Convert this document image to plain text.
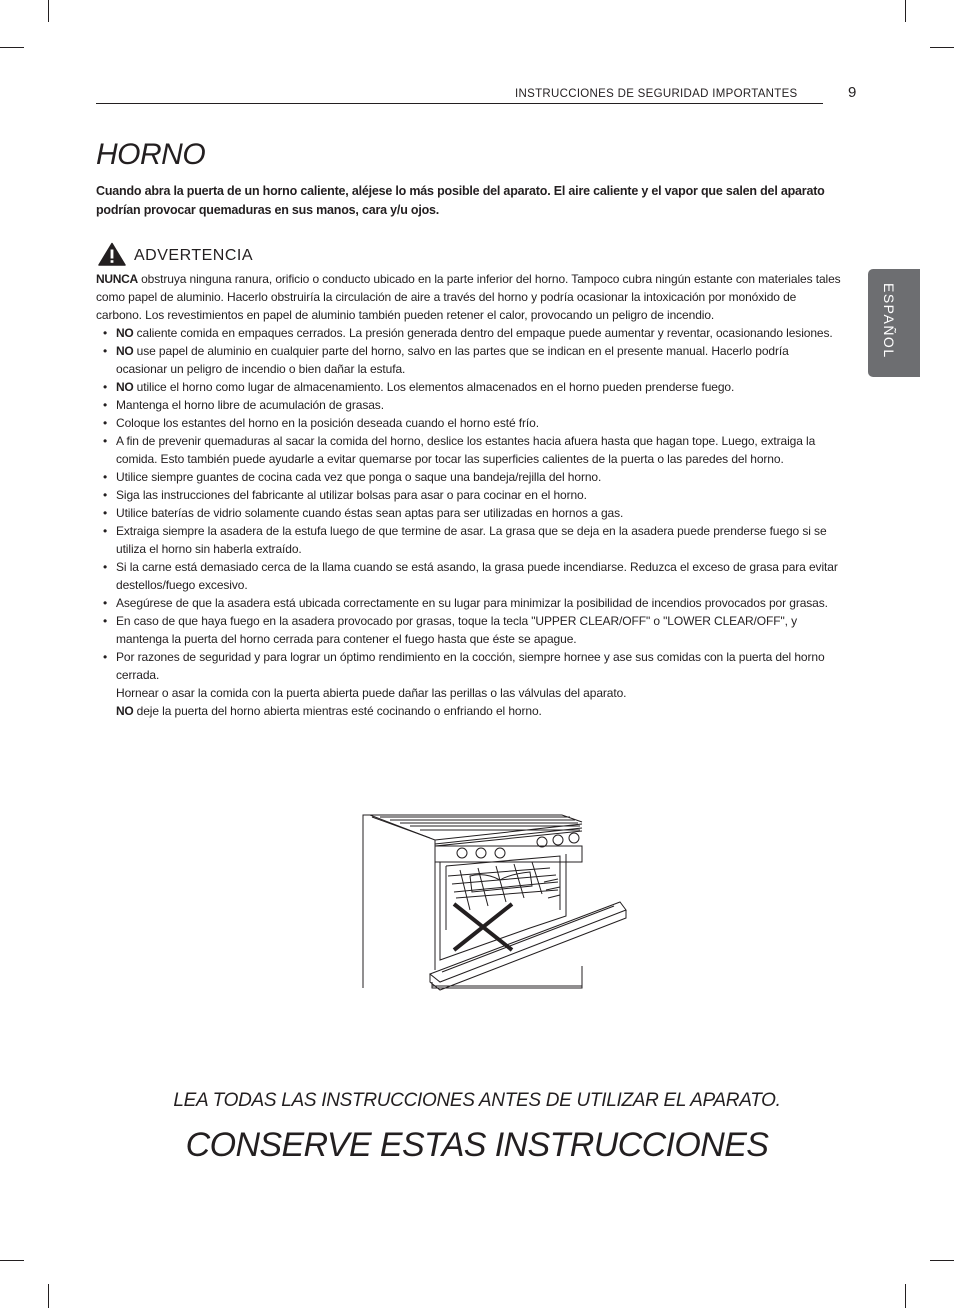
INSTRUCCIONES DE SEGURIDAD IMPORTANTES	9
ESPAÑOL
HORNO
Cuando abra la puerta de un horno caliente, aléjese lo más posible del aparato. El aire caliente y el vapor que salen del aparato podrían provocar quemaduras en sus manos, cara y/u ojos.
ADVERTENCIA

NUNCA obstruya ninguna ranura, orificio o conducto ubicado en la parte inferior del horno. Tampoco cubra ningún estante con materiales tales como papel de aluminio. Hacerlo obstruiría la circulación de aire a través del horno y podría ocasionar la intoxicación por monóxido de carbono. Los revestimientos en papel de aluminio también pueden retener el calor, provocando un peligro de incendio.

• NO caliente comida en empaques cerrados. La presión generada dentro del empaque puede aumentar y reventar, ocasionando lesiones.
• NO use papel de aluminio en cualquier parte del horno, salvo en las partes que se indican en el presente manual. Hacerlo podría ocasionar un peligro de incendio o bien dañar la estufa.
• NO utilice el horno como lugar de almacenamiento. Los elementos almacenados en el horno pueden prenderse fuego.
• Mantenga el horno libre de acumulación de grasas.
• Coloque los estantes del horno en la posición deseada cuando el horno esté frío.
• A fin de prevenir quemaduras al sacar la comida del horno, deslice los estantes hacia afuera hasta que hagan tope. Luego, extraiga la comida. Esto también puede ayudarle a evitar quemarse por tocar las superficies calientes de la puerta o las paredes del horno.
• Utilice siempre guantes de cocina cada vez que ponga o saque una bandeja/rejilla del horno.
• Siga las instrucciones del fabricante al utilizar bolsas para asar o para cocinar en el horno.
• Utilice baterías de vidrio solamente cuando éstas sean aptas para ser utilizadas en hornos a gas.
• Extraiga siempre la asadera de la estufa luego de que termine de asar. La grasa que se deja en la asadera puede prenderse fuego si se utiliza el horno sin haberla extraído.
• Si la carne está demasiado cerca de la llama cuando se está asando, la grasa puede incendiarse. Reduzca el exceso de grasa para evitar destellos/fuego excesivo.
• Asegúrese de que la asadera está ubicada correctamente en su lugar para minimizar la posibilidad de incendios provocados por grasas.
• En caso de que haya fuego en la asadera provocado por grasas, toque la tecla "UPPER CLEAR/OFF" o "LOWER CLEAR/OFF", y mantenga la puerta del horno cerrada para contener el fuego hasta que éste se apague.
• Por razones de seguridad y para lograr un óptimo rendimiento en la cocción, siempre hornee y ase sus comidas con la puerta del horno cerrada.
Hornear o asar la comida con la puerta abierta puede dañar las perillas o las válvulas del aparato.
NO deje la puerta del horno abierta mientras esté cocinando o enfriando el horno.
LEA TODAS LAS INSTRUCCIONES ANTES DE UTILIZAR EL APARATO.
CONSERVE ESTAS INSTRUCCIONES
